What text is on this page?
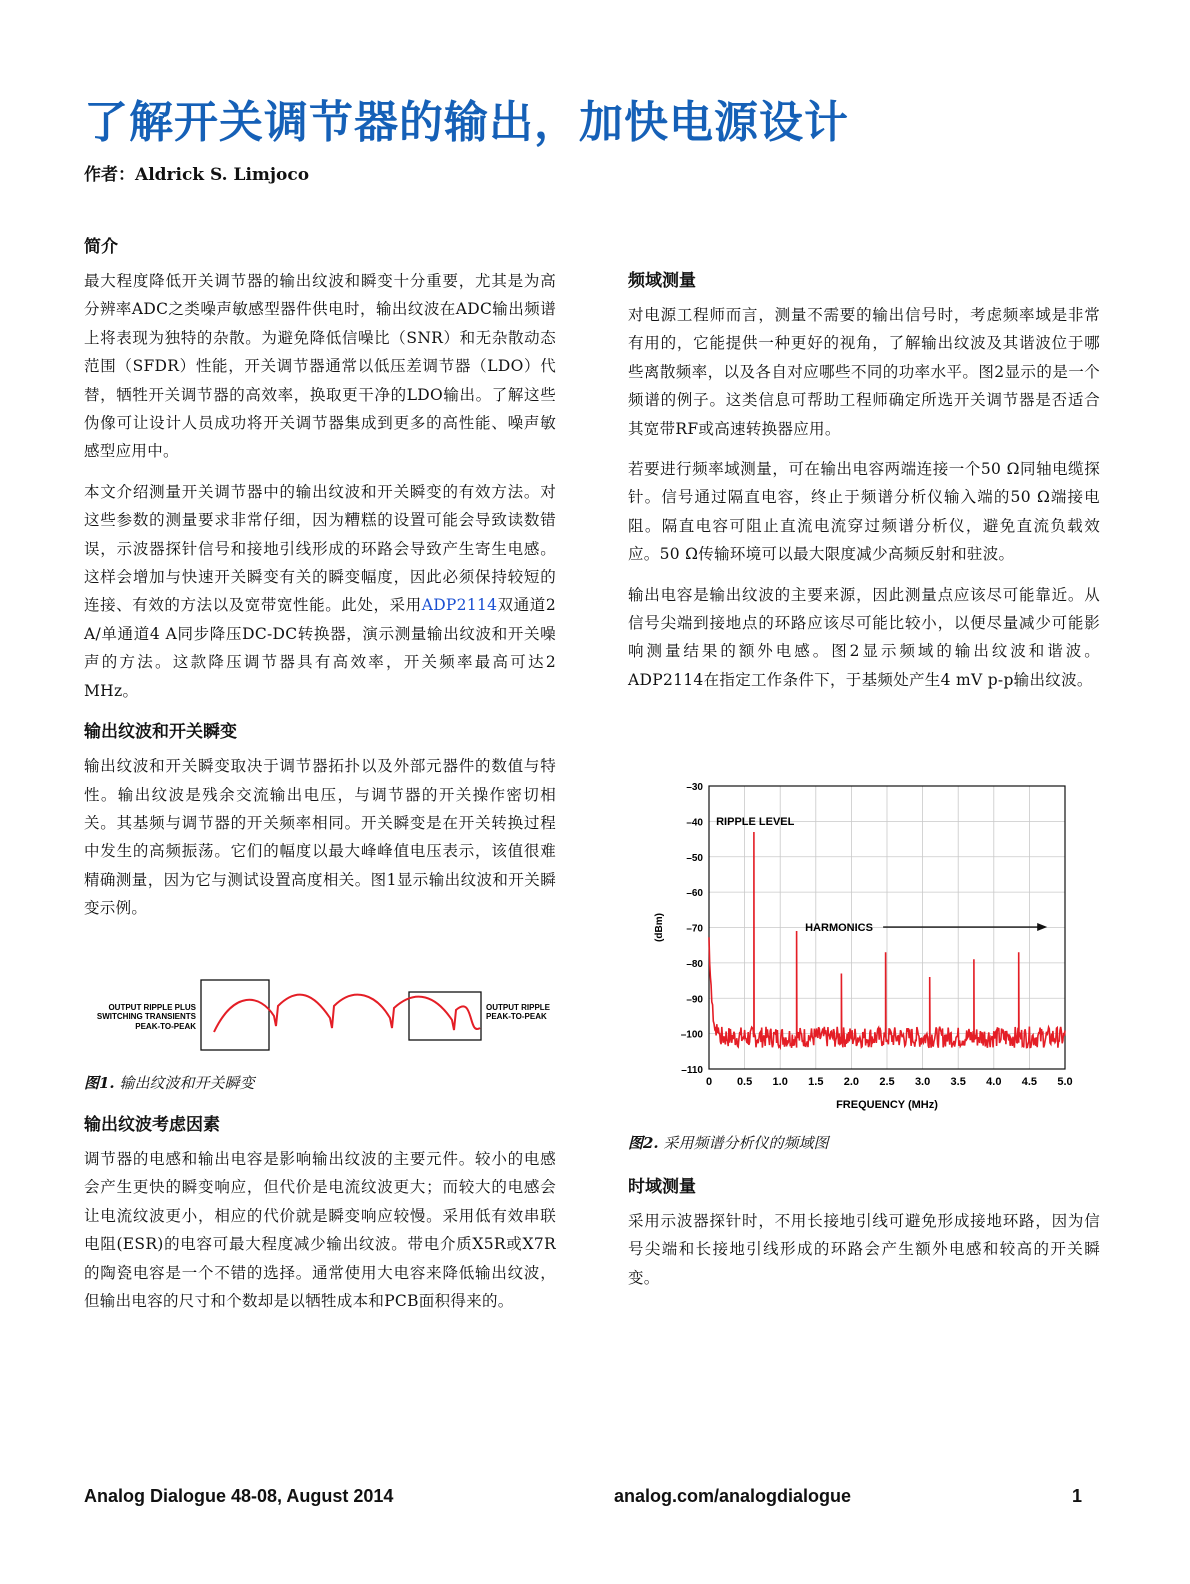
了解开关调节器的输出，加快电源设计
作者：Aldrick S. Limjoco
简介

最大程度降低开关调节器的输出纹波和瞬变十分重要，尤其是为高分辨率ADC之类噪声敏感型器件供电时，输出纹波在ADC输出频谱上将表现为独特的杂散。为避免降低信噪比（SNR）和无杂散动态范围（SFDR）性能，开关调节器通常以低压差调节器（LDO）代替，牺牲开关调节器的高效率，换取更干净的LDO输出。了解这些伪像可让设计人员成功将开关调节器集成到更多的高性能、噪声敏感型应用中。

本文介绍测量开关调节器中的输出纹波和开关瞬变的有效方法。对这些参数的测量要求非常仔细，因为糟糕的设置可能会导致读数错误，示波器探针信号和接地引线形成的环路会导致产生寄生电感。这样会增加与快速开关瞬变有关的瞬变幅度，因此必须保持较短的连接、有效的方法以及宽带宽性能。此处，采用ADP2114双通道2 A/单通道4 A同步降压DC-DC转换器，演示测量输出纹波和开关噪声的方法。这款降压调节器具有高效率，开关频率最高可达2 MHz。

输出纹波和开关瞬变

输出纹波和开关瞬变取决于调节器拓扑以及外部元器件的数值与特性。输出纹波是残余交流输出电压，与调节器的开关操作密切相关。其基频与调节器的开关频率相同。开关瞬变是在开关转换过程中发生的高频振荡。它们的幅度以最大峰峰值电压表示，该值很难精确测量，因为它与测试设置高度相关。图1显示输出纹波和开关瞬变示例。

OUTPUT RIPPLE PLUS
SWITCHING TRANSIENTS
PEAK-TO-PEAK
OUTPUT RIPPLE
PEAK-TO-PEAK

图1. 输出纹波和开关瞬变

输出纹波考虑因素

调节器的电感和输出电容是影响输出纹波的主要元件。较小的电感会产生更快的瞬变响应，但代价是电流纹波更大；而较大的电感会让电流纹波更小，相应的代价就是瞬变响应较慢。采用低有效串联电阻(ESR)的电容可最大程度减少输出纹波。带电介质X5R或X7R的陶瓷电容是一个不错的选择。通常使用大电容来降低输出纹波，但输出电容的尺寸和个数却是以牺牲成本和PCB面积得来的。

频域测量

对电源工程师而言，测量不需要的输出信号时，考虑频率域是非常有用的，它能提供一种更好的视角，了解输出纹波及其谐波位于哪些离散频率，以及各自对应哪些不同的功率水平。图2显示的是一个频谱的例子。这类信息可帮助工程师确定所选开关调节器是否适合其宽带RF或高速转换器应用。

若要进行频率域测量，可在输出电容两端连接一个50 Ω同轴电缆探针。信号通过隔直电容，终止于频谱分析仪输入端的50 Ω端接电阻。隔直电容可阻止直流电流穿过频谱分析仪，避免直流负载效应。50 Ω传输环境可以最大限度减少高频反射和驻波。

输出电容是输出纹波的主要来源，因此测量点应该尽可能靠近。从信号尖端到接地点的环路应该尽可能比较小，以便尽量减少可能影响测量结果的额外电感。图2显示频域的输出纹波和谐波。ADP2114在指定工作条件下，于基频处产生4 mV p-p输出纹波。

–30
–40
–50
–60
–70
–80
–90
–100
–110
0 0.5 1.0 1.5 2.0 2.5 3.0 3.5 4.0 4.5 5.0
(dBm)
FREQUENCY (MHz)
RIPPLE LEVEL
HARMONICS

图2. 采用频谱分析仪的频域图

时域测量

采用示波器探针时，不用长接地引线可避免形成接地环路，因为信号尖端和长接地引线形成的环路会产生额外电感和较高的开关瞬变。

Analog Dialogue 48-08, August 2014	analog.com/analogdialogue	1
